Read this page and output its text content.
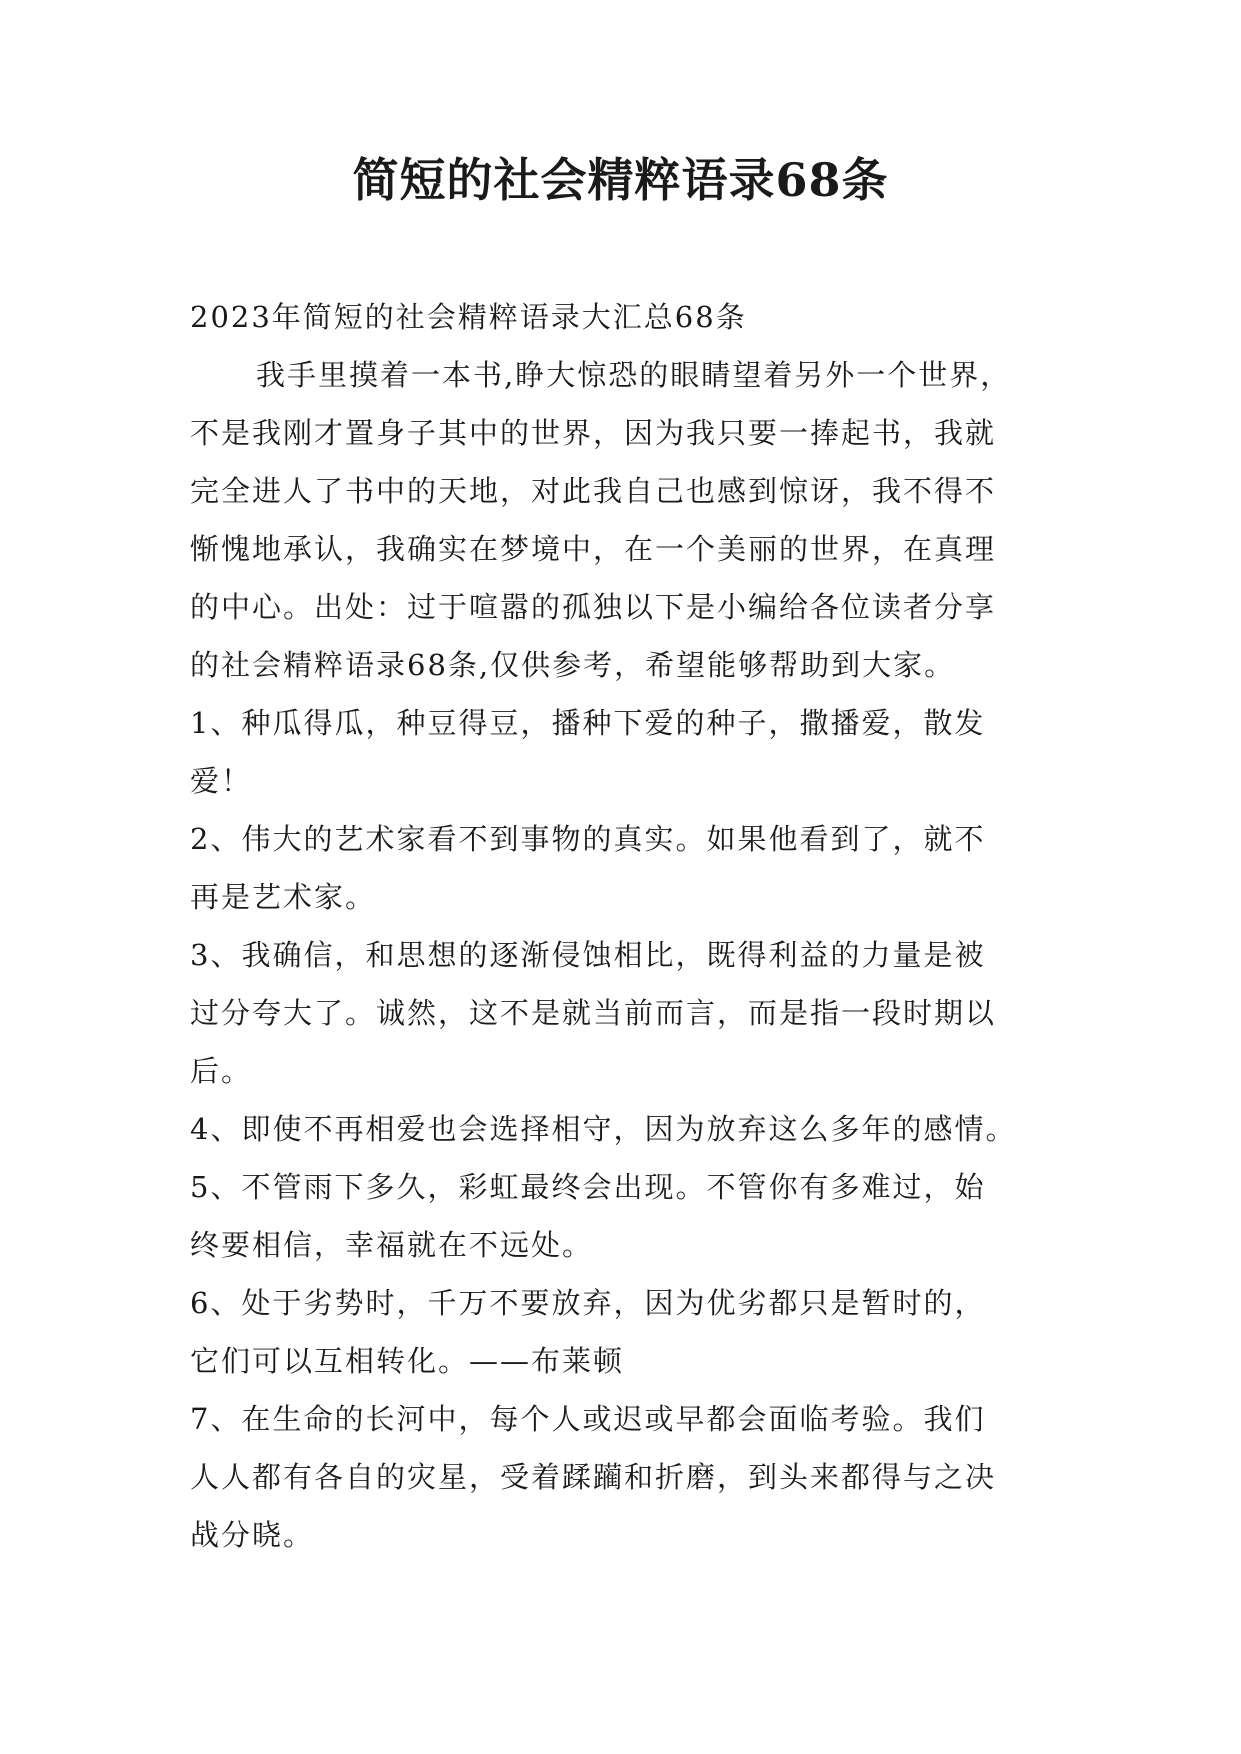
简短的社会精粹语录68条
2023年简短的社会精粹语录大汇总68条
我手里摸着一本书,睁大惊恐的眼睛望着另外一个世界，
不是我刚才置身子其中的世界，因为我只要一捧起书，我就
完全进人了书中的天地，对此我自己也感到惊讶，我不得不
惭愧地承认，我确实在梦境中，在一个美丽的世界，在真理
的中心。出处：过于喧嚣的孤独以下是小编给各位读者分享
的社会精粹语录68条,仅供参考，希望能够帮助到大家。
1、种瓜得瓜，种豆得豆，播种下爱的种子，撒播爱，散发
爱！
2、伟大的艺术家看不到事物的真实。如果他看到了，就不
再是艺术家。
3、我确信，和思想的逐渐侵蚀相比，既得利益的力量是被
过分夸大了。诚然，这不是就当前而言，而是指一段时期以
后。
4、即使不再相爱也会选择相守，因为放弃这么多年的感情。
5、不管雨下多久，彩虹最终会出现。不管你有多难过，始
终要相信，幸福就在不远处。
6、处于劣势时，千万不要放弃，因为优劣都只是暂时的，
它们可以互相转化。——布莱顿
7、在生命的长河中，每个人或迟或早都会面临考验。我们
人人都有各自的灾星，受着蹂躏和折磨，到头来都得与之决
战分晓。
